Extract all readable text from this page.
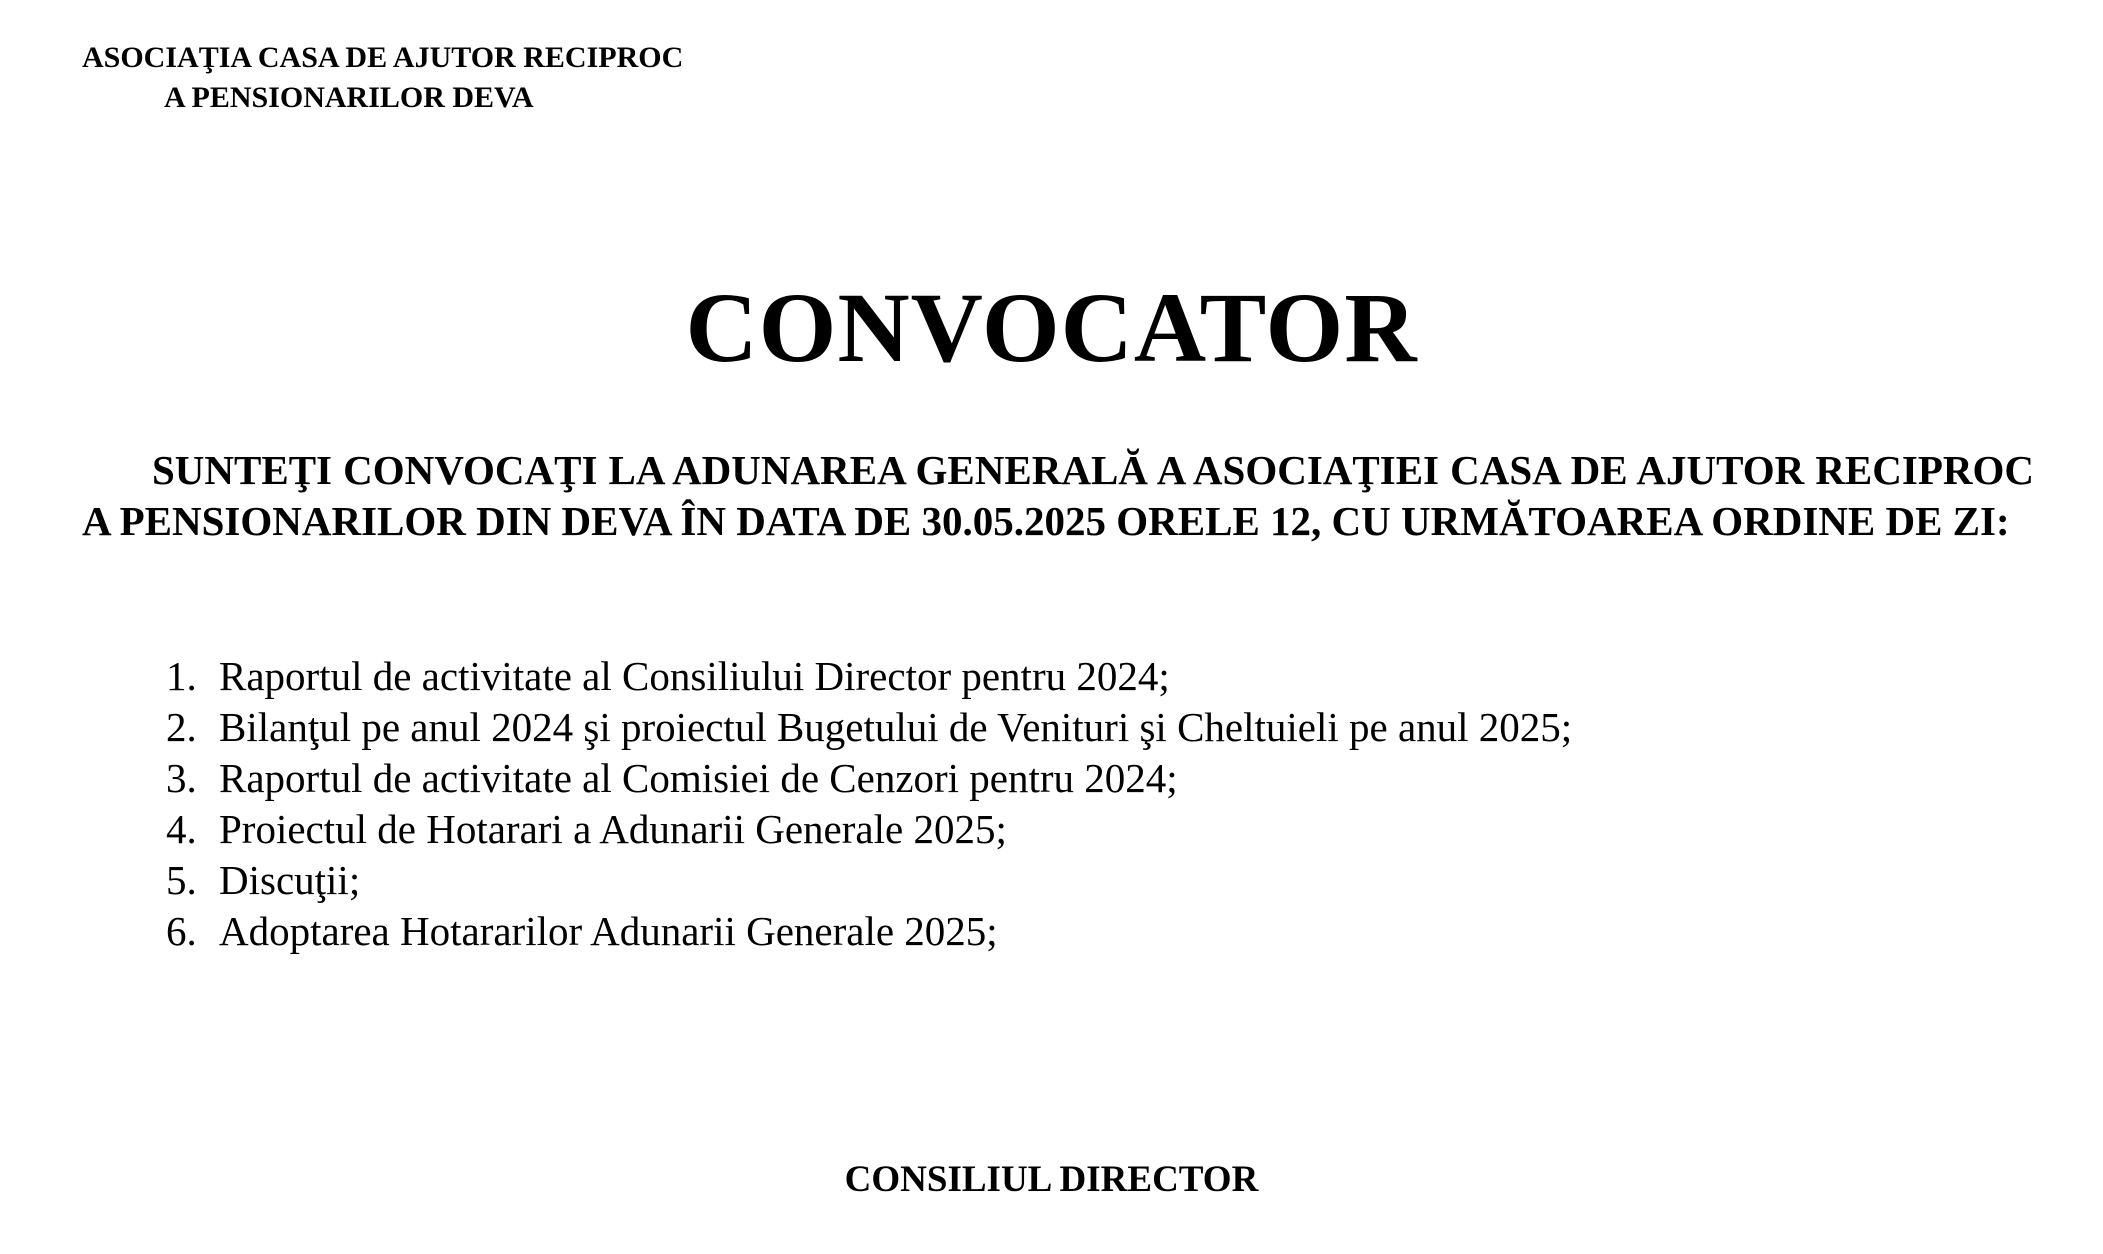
ASOCIAŢIA CASA DE AJUTOR RECIPROC
A PENSIONARILOR DEVA
CONVOCATOR
SUNTEŢI CONVOCAŢI LA ADUNAREA GENERALĂ A ASOCIAŢIEI CASA DE AJUTOR RECIPROC A PENSIONARILOR DIN DEVA ÎN DATA DE 30.05.2025 ORELE 12, CU URMĂTOAREA ORDINE DE ZI:
1. Raportul de activitate al Consiliului Director pentru 2024;
2. Bilanţul pe anul 2024 şi proiectul Bugetului de Venituri şi Cheltuieli pe anul 2025;
3. Raportul de activitate al Comisiei de Cenzori pentru 2024;
4. Proiectul de Hotarari a Adunarii Generale 2025;
5. Discuţii;
6. Adoptarea Hotararilor Adunarii Generale 2025;
CONSILIUL DIRECTOR
